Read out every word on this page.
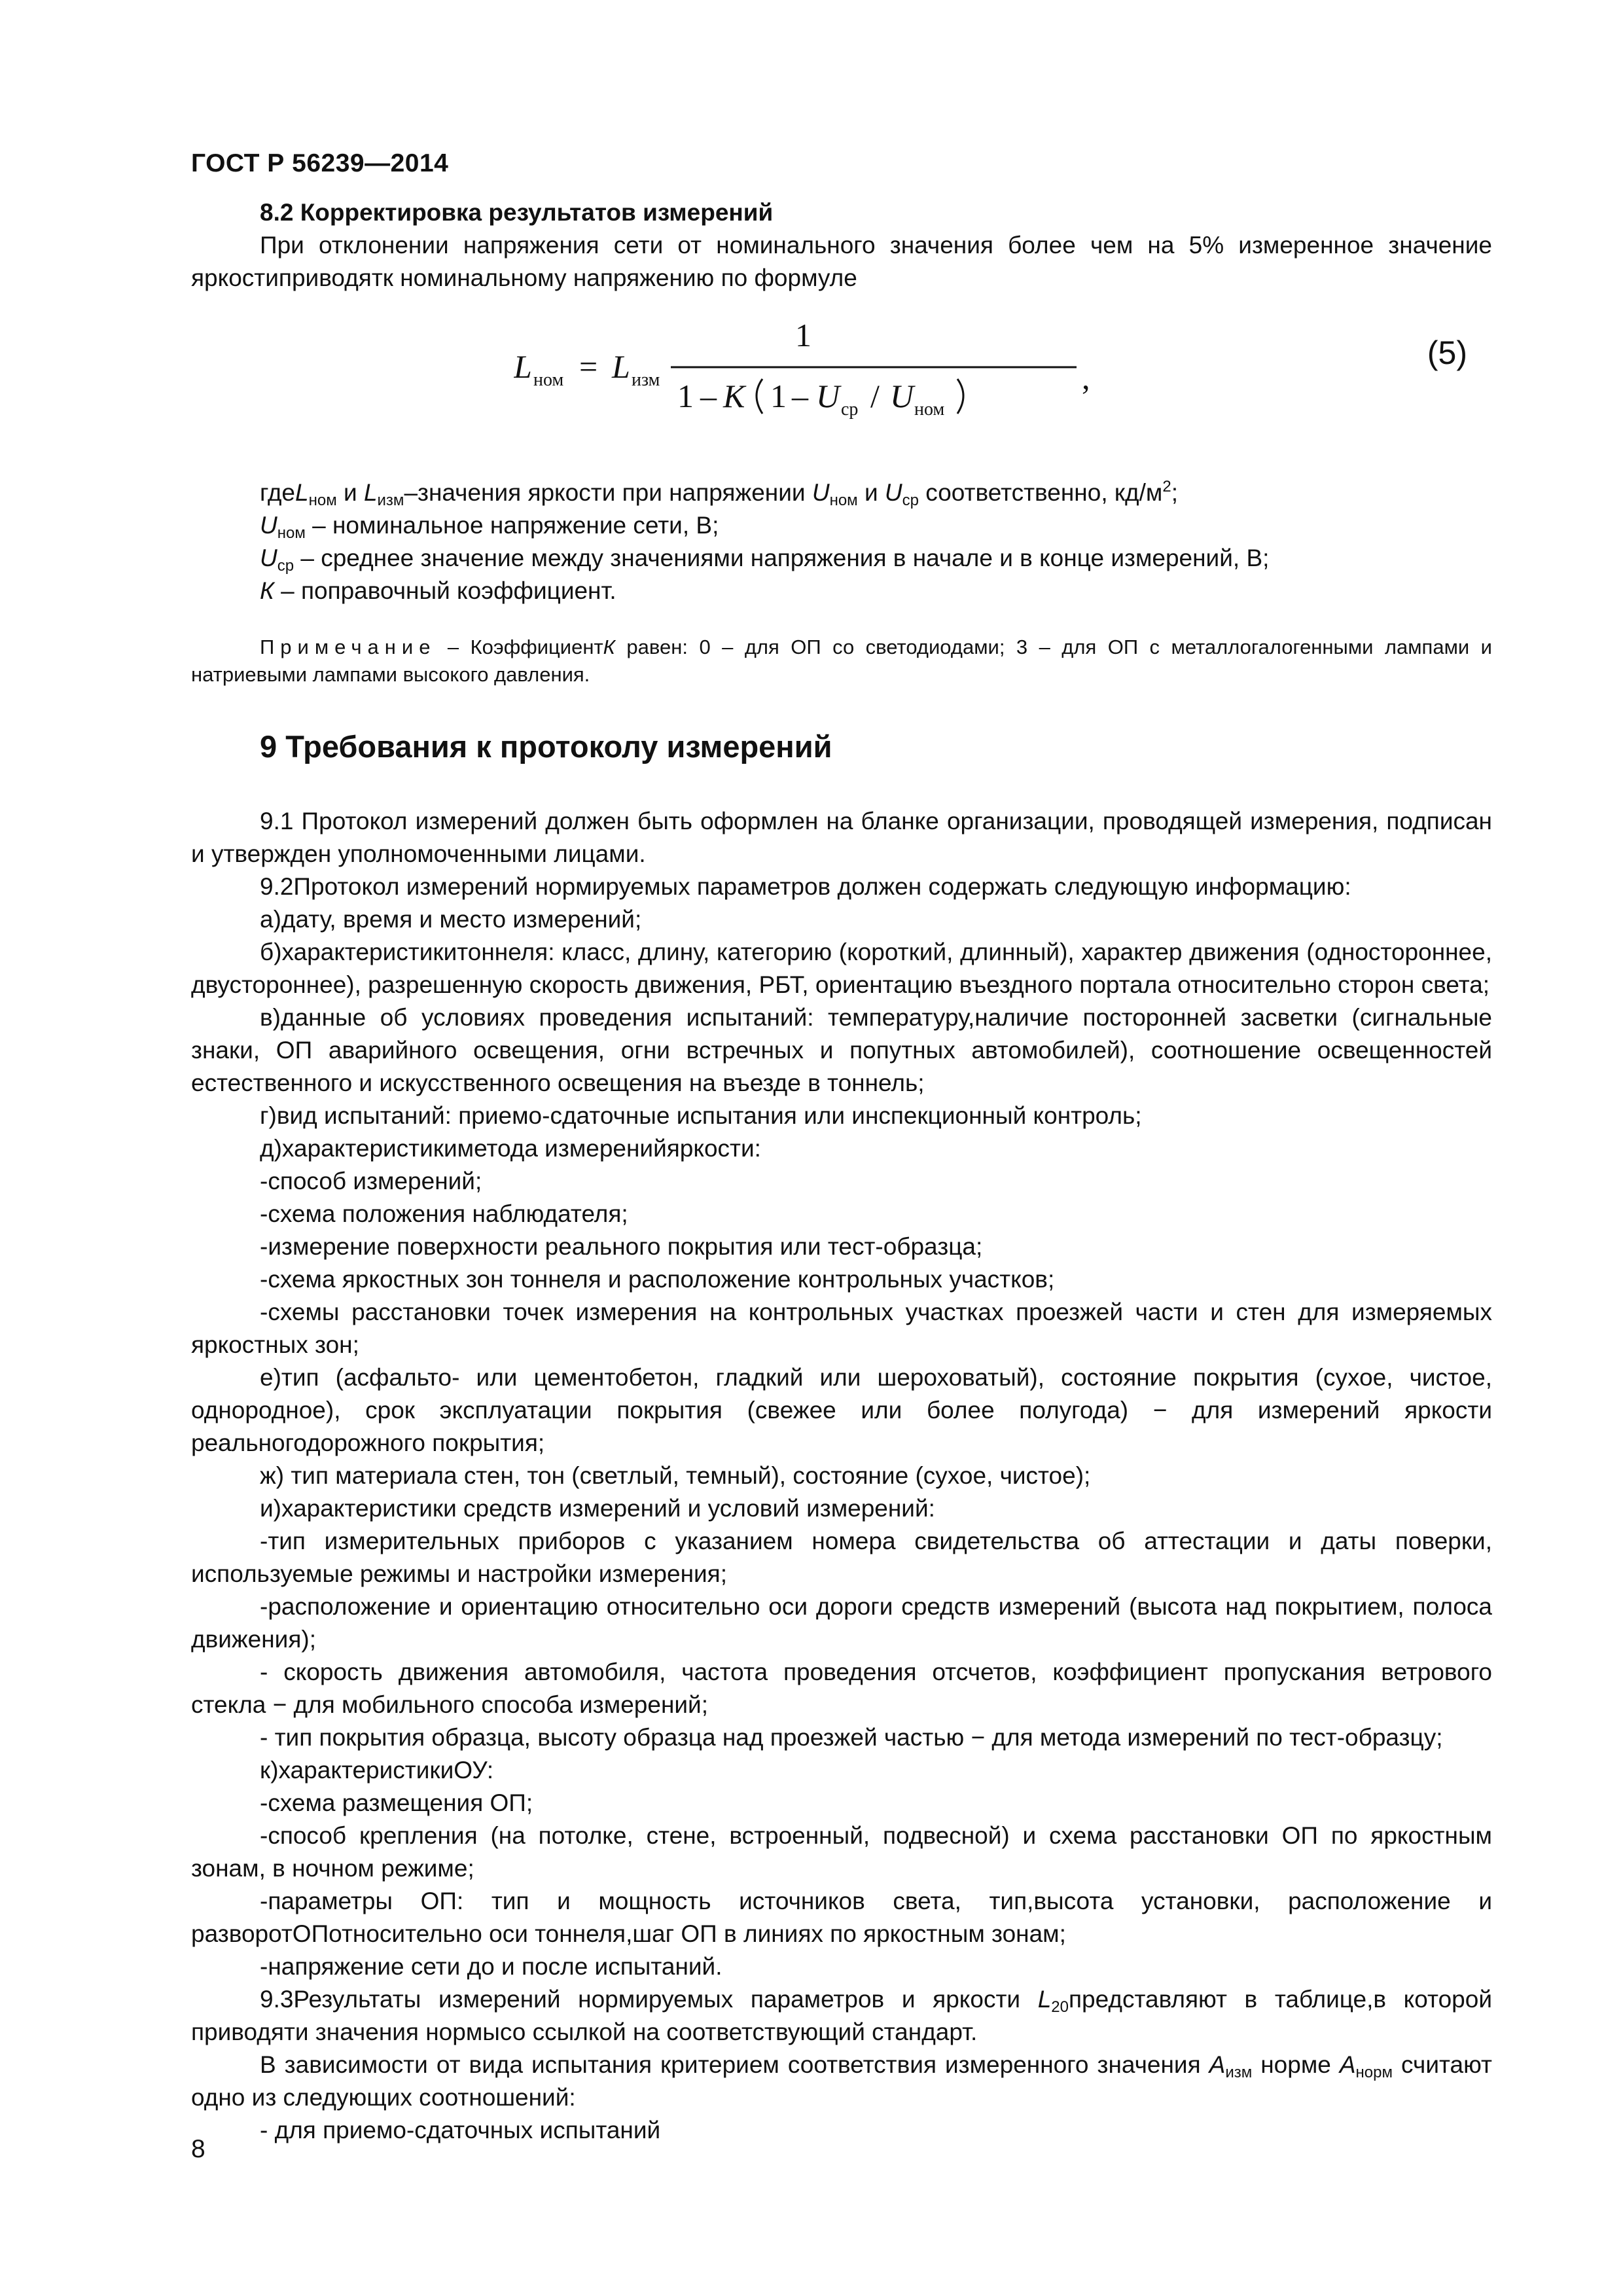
ГОСТ Р 56239—2014

8.2 Корректировка результатов измерений

При отклонении напряжения сети от номинального значения более чем на 5% измеренное значение яркостиприводятк номинальному напряжению по формуле

L ном = L изм
1
1 – K 1 – U ср / U ном
,
(5)

гдеL$_{ном}$ и $L_{изм}$–значения яркости при напряжении $U_{ном}$ и $U_{ср}$ соответственно, $кд/м^2$;

$U_{ном}$ – номинальное напряжение сети, В;

$U_{ср}$ – среднее значение между значениями напряжения в начале и в конце измерений, В;

К – поправочный коэффициент.

Примечание – КоэффициентК равен: 0 – для ОП со светодиодами; 3 – для ОП с металлогалогенными лампами и натриевыми лампами высокого давления.

9 Требования к протоколу измерений

9.1 Протокол измерений должен быть оформлен на бланке организации, проводящей измерения, подписан и утвержден уполномоченными лицами.

9.2Протокол измерений нормируемых параметров должен содержать следующую информацию:

а)дату, время и место измерений;

б)характеристикитоннеля: класс, длину, категорию (короткий, длинный), характер движения (одностороннее, двустороннее), разрешенную скорость движения, РБТ, ориентацию въездного портала относительно сторон света;

в)данные об условиях проведения испытаний: температуру,наличие посторонней засветки (сигнальные знаки, ОП аварийного освещения, огни встречных и попутных автомобилей), соотношение освещенностей естественного и искусственного освещения на въезде в тоннель;

г)вид испытаний: приемо-сдаточные испытания или инспекционный контроль;

д)характеристикиметода измеренийяркости:

-способ измерений;

-схема положения наблюдателя;

-измерение поверхности реального покрытия или тест-образца;

-схема яркостных зон тоннеля и расположение контрольных участков;

-схемы расстановки точек измерения на контрольных участках проезжей части и стен для измеряемых яркостных зон;

е)тип (асфальто- или цементобетон, гладкий или шероховатый), состояние покрытия (сухое, чистое, однородное), срок эксплуатации покрытия (свежее или более полугода) − для измерений яркости реальногодорожного покрытия;

ж) тип материала стен, тон (светлый, темный), состояние (сухое, чистое);

и)характеристики средств измерений и условий измерений:

-тип измерительных приборов с указанием номера свидетельства об аттестации и даты поверки, используемые режимы и настройки измерения;

-расположение и ориентацию относительно оси дороги средств измерений (высота над покрытием, полоса движения);

- скорость движения автомобиля, частота проведения отсчетов, коэффициент пропускания ветрового стекла − для мобильного способа измерений;

- тип покрытия образца, высоту образца над проезжей частью − для метода измерений по тест-образцу;

к)характеристикиОУ:

-схема размещения ОП;

-способ крепления (на потолке, стене, встроенный, подвесной) и схема расстановки ОП по яркостным зонам, в ночном режиме;

-параметры ОП: тип и мощность источников света, тип,высота установки, расположение и разворотОПотносительно оси тоннеля,шаг ОП в линиях по яркостным зонам;

-напряжение сети до и после испытаний.

9.3Результаты измерений нормируемых параметров и яркости $L_{20}представляют$ в таблице,в которой приводяти значения нормысо ссылкой на соответствующий стандарт.

В зависимости от вида испытания критерием соответствия измеренного значения $А_{изм}$ норме $А_{норм}$ считают одно из следующих соотношений:

- для приемо-сдаточных испытаний

8
